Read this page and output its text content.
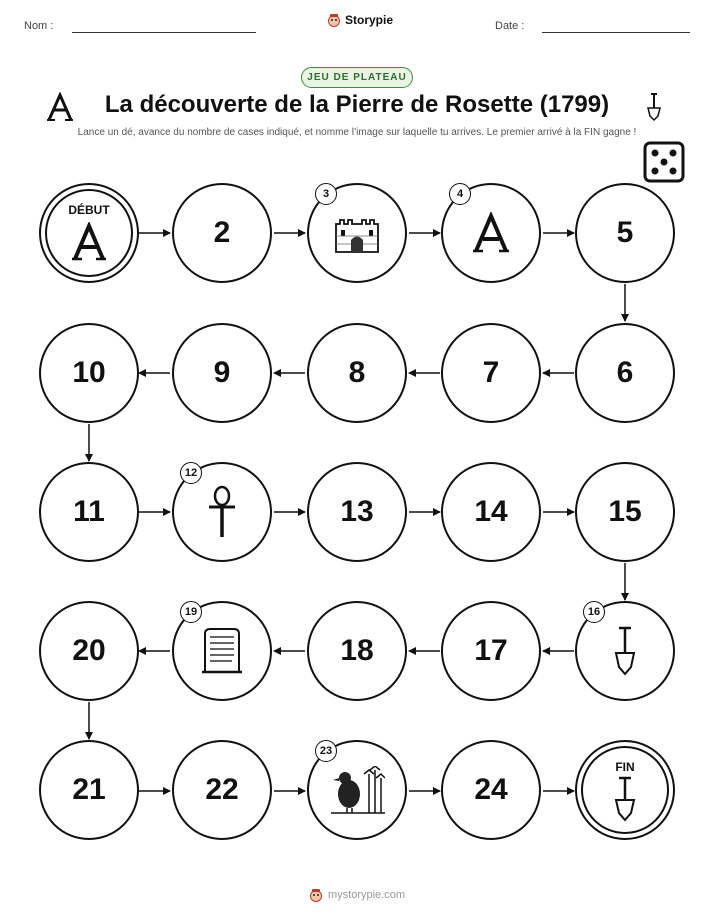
Nom :	Storypie	Date :
JEU DE PLATEAU
La découverte de la Pierre de Rosette (1799)
Lance un dé, avance du nombre de cases indiqué, et nomme l’image sur laquelle tu arrives. Le premier arrivé à la FIN gagne !
DÉBUT
2
3	4
5
10	9	8	7	6
11
12
13	14	15
20
19
18	17
16
21	22
23
24
FIN
mystorypie.com
